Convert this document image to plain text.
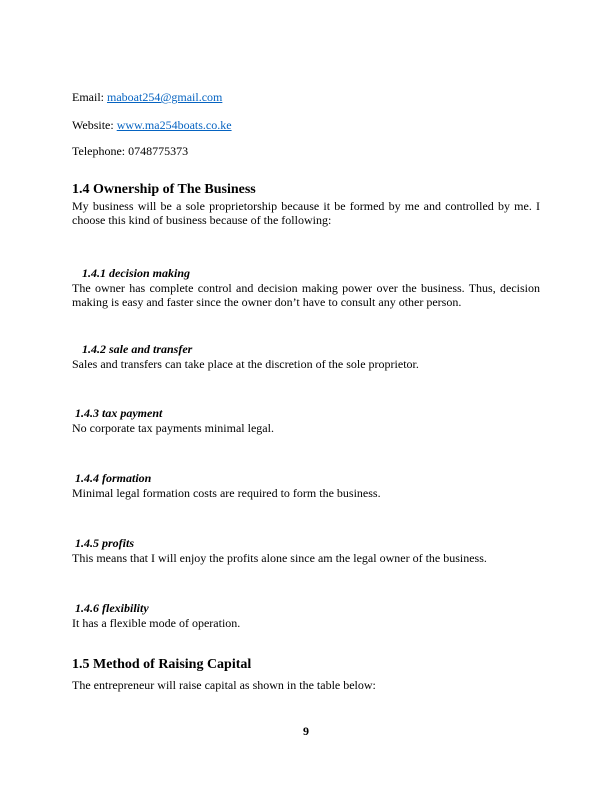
Email: maboat254@gmail.com

Website: www.ma254boats.co.ke

Telephone: 0748775373

1.4 Ownership of The Business

My business will be a sole proprietorship because it be formed by me and controlled by me. I choose this kind of business because of the following:

1.4.1 decision making

The owner has complete control and decision making power over the business. Thus, decision making is easy and faster since the owner don’t have to consult any other person.

1.4.2 sale and transfer

Sales and transfers can take place at the discretion of the sole proprietor.

1.4.3 tax payment

No corporate tax payments minimal legal.

1.4.4 formation

Minimal legal formation costs are required to form the business.

1.4.5 profits

This means that I will enjoy the profits alone since am the legal owner of the business.

1.4.6 flexibility

It has a flexible mode of operation.

1.5 Method of Raising Capital

The entrepreneur will raise capital as shown in the table below:

9
